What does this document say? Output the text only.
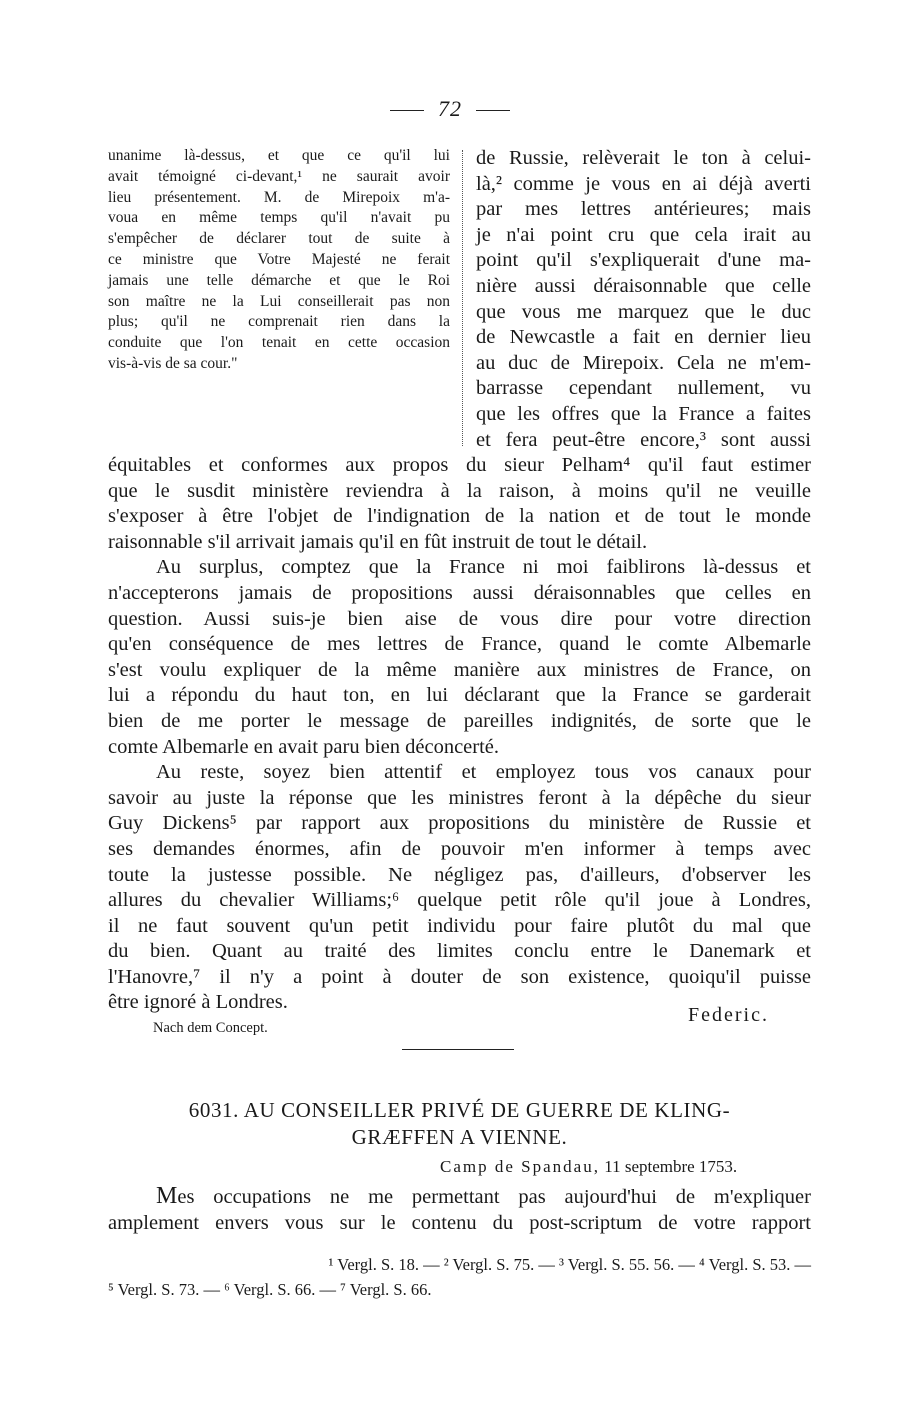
72
unanime là-dessus, et que ce qu'il lui
avait témoigné ci-devant,¹ ne saurait avoir
lieu présentement. M. de Mirepoix m'a-
voua en même temps qu'il n'avait pu
s'empêcher de déclarer tout de suite à
ce ministre que Votre Majesté ne ferait
jamais une telle démarche et que le Roi
son maître ne la Lui conseillerait pas non
plus; qu'il ne comprenait rien dans la
conduite que l'on tenait en cette occasion
vis-à-vis de sa cour."
de Russie, relèverait le ton à celui-
là,² comme je vous en ai déjà averti
par mes lettres antérieures; mais
je n'ai point cru que cela irait au
point qu'il s'expliquerait d'une ma-
nière aussi déraisonnable que celle
que vous me marquez que le duc
de Newcastle a fait en dernier lieu
au duc de Mirepoix. Cela ne m'em-
barrasse cependant nullement, vu
que les offres que la France a faites
et fera peut-être encore,³ sont aussi
équitables et conformes aux propos du sieur Pelham⁴ qu'il faut estimer
que le susdit ministère reviendra à la raison, à moins qu'il ne veuille
s'exposer à être l'objet de l'indignation de la nation et de tout le monde
raisonnable s'il arrivait jamais qu'il en fût instruit de tout le détail.
Au surplus, comptez que la France ni moi faiblirons là-dessus et
n'accepterons jamais de propositions aussi déraisonnables que celles en
question. Aussi suis-je bien aise de vous dire pour votre direction
qu'en conséquence de mes lettres de France, quand le comte Albemarle
s'est voulu expliquer de la même manière aux ministres de France, on
lui a répondu du haut ton, en lui déclarant que la France se garderait
bien de me porter le message de pareilles indignités, de sorte que le
comte Albemarle en avait paru bien déconcerté.
Au reste, soyez bien attentif et employez tous vos canaux pour
savoir au juste la réponse que les ministres feront à la dépêche du sieur
Guy Dickens⁵ par rapport aux propositions du ministère de Russie et
ses demandes énormes, afin de pouvoir m'en informer à temps avec
toute la justesse possible. Ne négligez pas, d'ailleurs, d'observer les
allures du chevalier Williams;⁶ quelque petit rôle qu'il joue à Londres,
il ne faut souvent qu'un petit individu pour faire plutôt du mal que
du bien. Quant au traité des limites conclu entre le Danemark et
l'Hanovre,⁷ il n'y a point à douter de son existence, quoiqu'il puisse
être ignoré à Londres.
Federic.
Nach dem Concept.
6031. AU CONSEILLER PRIVÉ DE GUERRE DE KLING-
GRÆFFEN A VIENNE.
Camp de Spandau, 11 septembre 1753.
Mes occupations ne me permettant pas aujourd'hui de m'expliquer
amplement envers vous sur le contenu du post-scriptum de votre rapport
¹ Vergl. S. 18. — ² Vergl. S. 75. — ³ Vergl. S. 55. 56. — ⁴ Vergl. S. 53. —
⁵ Vergl. S. 73. — ⁶ Vergl. S. 66. — ⁷ Vergl. S. 66.
